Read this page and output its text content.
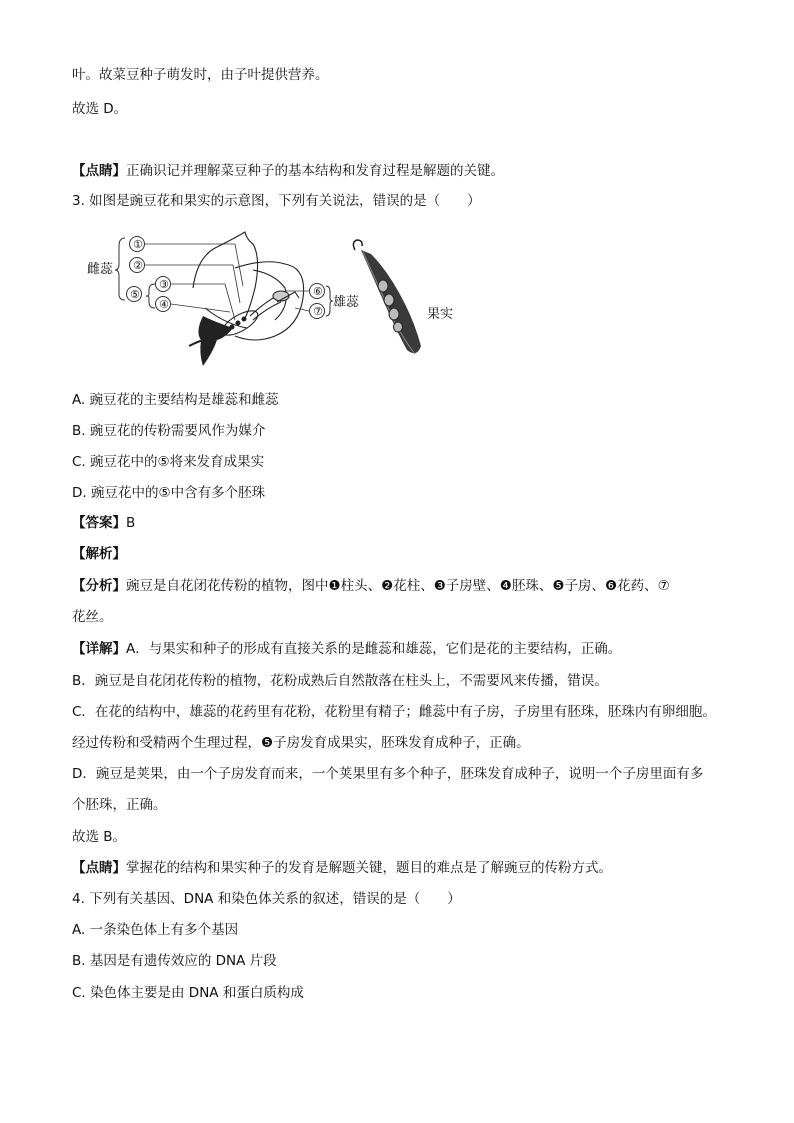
叶。故菜豆种子萌发时，由子叶提供营养。
故选 D。
【点睛】正确识记并理解菜豆种子的基本结构和发育过程是解题的关键。
3. 如图是豌豆花和果实的示意图，下列有关说法，错误的是（　　）
雌蕊
①
②
⑤
③
④
⑥
⑦
雄蕊
果实
A. 豌豆花的主要结构是雄蕊和雌蕊
B. 豌豆花的传粉需要风作为媒介
C. 豌豆花中的⑤将来发育成果实
D. 豌豆花中的⑤中含有多个胚珠
【答案】B
【解析】
【分析】豌豆是自花闭花传粉的植物，图中❶柱头、❷花柱、❸子房壁、❹胚珠、❺子房、❻花药、⑦
花丝。
【详解】A．与果实和种子的形成有直接关系的是雌蕊和雄蕊，它们是花的主要结构，正确。
B．豌豆是自花闭花传粉的植物，花粉成熟后自然散落在柱头上，不需要风来传播，错误。
C．在花的结构中，雄蕊的花药里有花粉，花粉里有精子；雌蕊中有子房，子房里有胚珠，胚珠内有卵细胞。
经过传粉和受精两个生理过程，❺子房发育成果实，胚珠发育成种子，正确。
D．豌豆是荚果，由一个子房发育而来，一个荚果里有多个种子，胚珠发育成种子，说明一个子房里面有多
个胚珠，正确。
故选 B。
【点睛】掌握花的结构和果实种子的发育是解题关键，题目的难点是了解豌豆的传粉方式。
4. 下列有关基因、DNA 和染色体关系的叙述，错误的是（　　）
A. 一条染色体上有多个基因
B. 基因是有遗传效应的 DNA 片段
C. 染色体主要是由 DNA 和蛋白质构成
